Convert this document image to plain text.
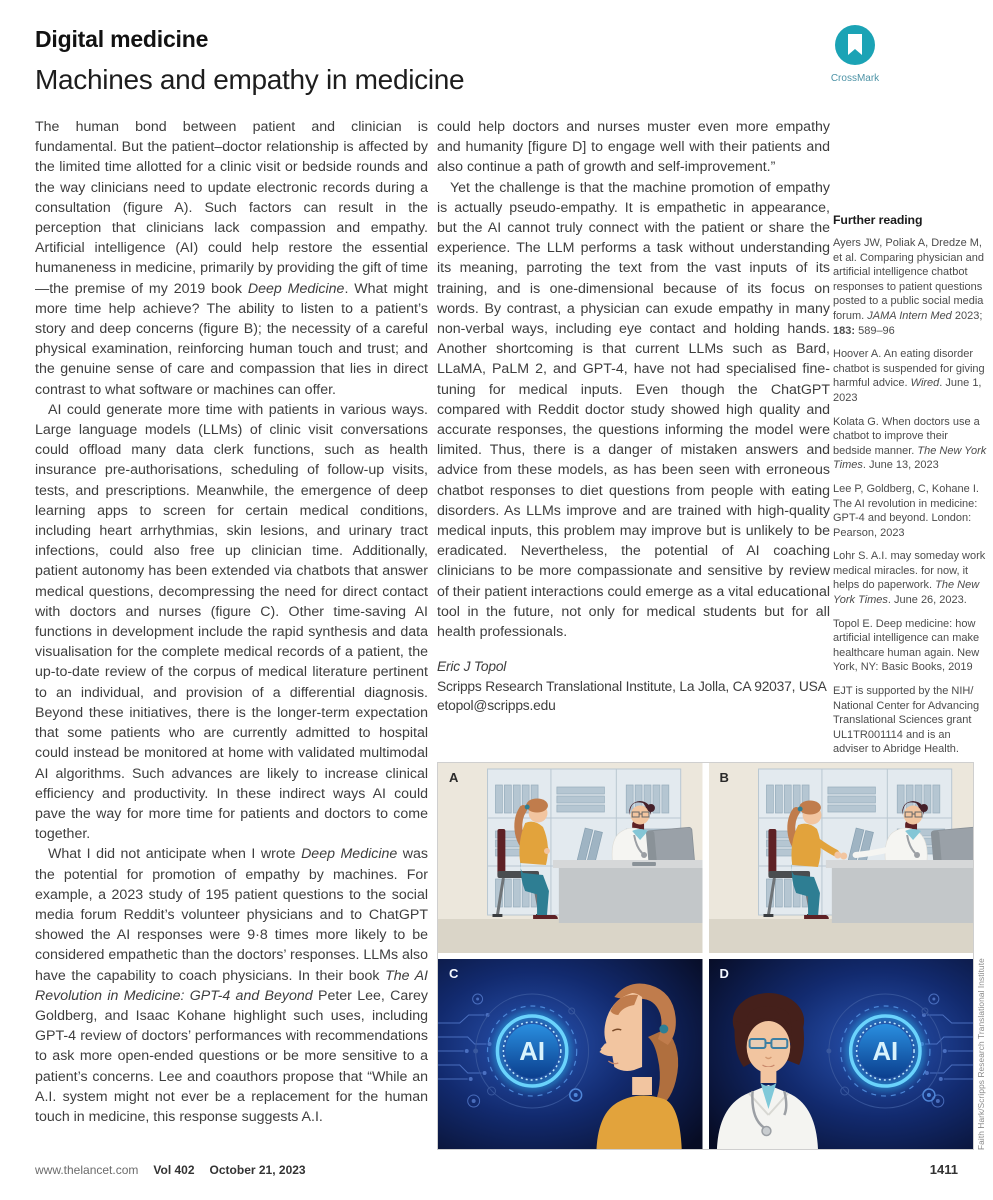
Digital medicine
Machines and empathy in medicine	CrossMark

The human bond between patient and clinician is fundamental. But the patient–doctor relationship is affected by the limited time allotted for a clinic visit or bedside rounds and the way clinicians need to update electronic records during a consultation (figure A). Such factors can result in the perception that clinicians lack compassion and empathy. Artificial intelligence (AI) could help restore the essential humaneness in medicine, primarily by providing the gift of time—the premise of my 2019 book Deep Medicine. What might more time help achieve? The ability to listen to a patient’s story and deep concerns (figure B); the necessity of a careful physical examination, reinforcing human touch and trust; and the genuine sense of care and compassion that lies in direct contrast to what software or machines can offer.

AI could generate more time with patients in various ways. Large language models (LLMs) of clinic visit conversations could offload many data clerk functions, such as health insurance pre-authorisations, scheduling of follow-up visits, tests, and prescriptions. Meanwhile, the emergence of deep learning apps to screen for certain medical conditions, including heart arrhythmias, skin lesions, and urinary tract infections, could also free up clinician time. Additionally, patient autonomy has been extended via chatbots that answer medical questions, decompressing the need for direct contact with doctors and nurses (figure C). Other time-saving AI functions in development include the rapid synthesis and data visualisation for the complete medical records of a patient, the up-to-date review of the corpus of medical literature pertinent to an individual, and provision of a differential diagnosis. Beyond these initiatives, there is the longer-term expectation that some patients who are currently admitted to hospital could instead be monitored at home with validated multimodal AI algorithms. Such advances are likely to increase clinical efficiency and productivity. In these indirect ways AI could pave the way for more time for patients and doctors to come together.

What I did not anticipate when I wrote Deep Medicine was the potential for promotion of empathy by machines. For example, a 2023 study of 195 patient questions to the social media forum Reddit’s volunteer physicians and to ChatGPT showed the AI responses were 9·8 times more likely to be considered empathetic than the doctors’ responses. LLMs also have the capability to coach physicians. In their book The AI Revolution in Medicine: GPT-4 and Beyond Peter Lee, Carey Goldberg, and Isaac Kohane highlight such uses, including GPT-4 review of doctors’ performances with recommendations to ask more open-ended questions or be more sensitive to a patient’s concerns. Lee and coauthors propose that “While an A.I. system might not ever be a replacement for the human touch in medicine, this response suggests A.I.

could help doctors and nurses muster even more empathy and humanity [figure D] to engage well with their patients and also continue a path of growth and self-improvement.”

Yet the challenge is that the machine promotion of empathy is actually pseudo-empathy. It is empathetic in appearance, but the AI cannot truly connect with the patient or share the experience. The LLM performs a task without understanding its meaning, parroting the text from the vast inputs of its training, and is one-dimensional because of its focus on words. By contrast, a physician can exude empathy in many non-verbal ways, including eye contact and holding hands. Another shortcoming is that current LLMs such as Bard, LLaMA, PaLM 2, and GPT-4, have not had specialised fine-tuning for medical inputs. Even though the ChatGPT compared with Reddit doctor study showed high quality and accurate responses, the questions informing the model were limited. Thus, there is a danger of mistaken answers and advice from these models, as has been seen with erroneous chatbot responses to diet questions from people with eating disorders. As LLMs improve and are trained with high-quality medical inputs, this problem may improve but is unlikely to be eradicated. Nevertheless, the potential of AI coaching clinicians to be more compassionate and sensitive by review of their patient interactions could emerge as a vital educational tool in the future, not only for medical students but for all health professionals.

Eric J Topol
Scripps Research Translational Institute, La Jolla, CA 92037, USA
etopol@scripps.edu
Further reading

Ayers JW, Poliak A, Dredze M, et al. Comparing physician and artificial intelligence chatbot responses to patient questions posted to a public social media forum. JAMA Intern Med 2023; 183: 589–96

Hoover A. An eating disorder chatbot is suspended for giving harmful advice. Wired. June 1, 2023

Kolata G. When doctors use a chatbot to improve their bedside manner. The New York Times. June 13, 2023

Lee P, Goldberg, C, Kohane I. The AI revolution in medicine: GPT-4 and beyond. London: Pearson, 2023

Lohr S. A.I. may someday work medical miracles. for now, it helps do paperwork. The New York Times. June 26, 2023.

Topol E. Deep medicine: how artificial intelligence can make healthcare human again. New York, NY: Basic Books, 2019

EJT is supported by the NIH/ National Center for Advancing Translational Sciences grant UL1TR001114 and is an adviser to Abridge Health.

A	B
C	D	Faith Hark/Scripps Research Translational Institute
www.thelancet.com Vol 402 October 21, 2023	1411
